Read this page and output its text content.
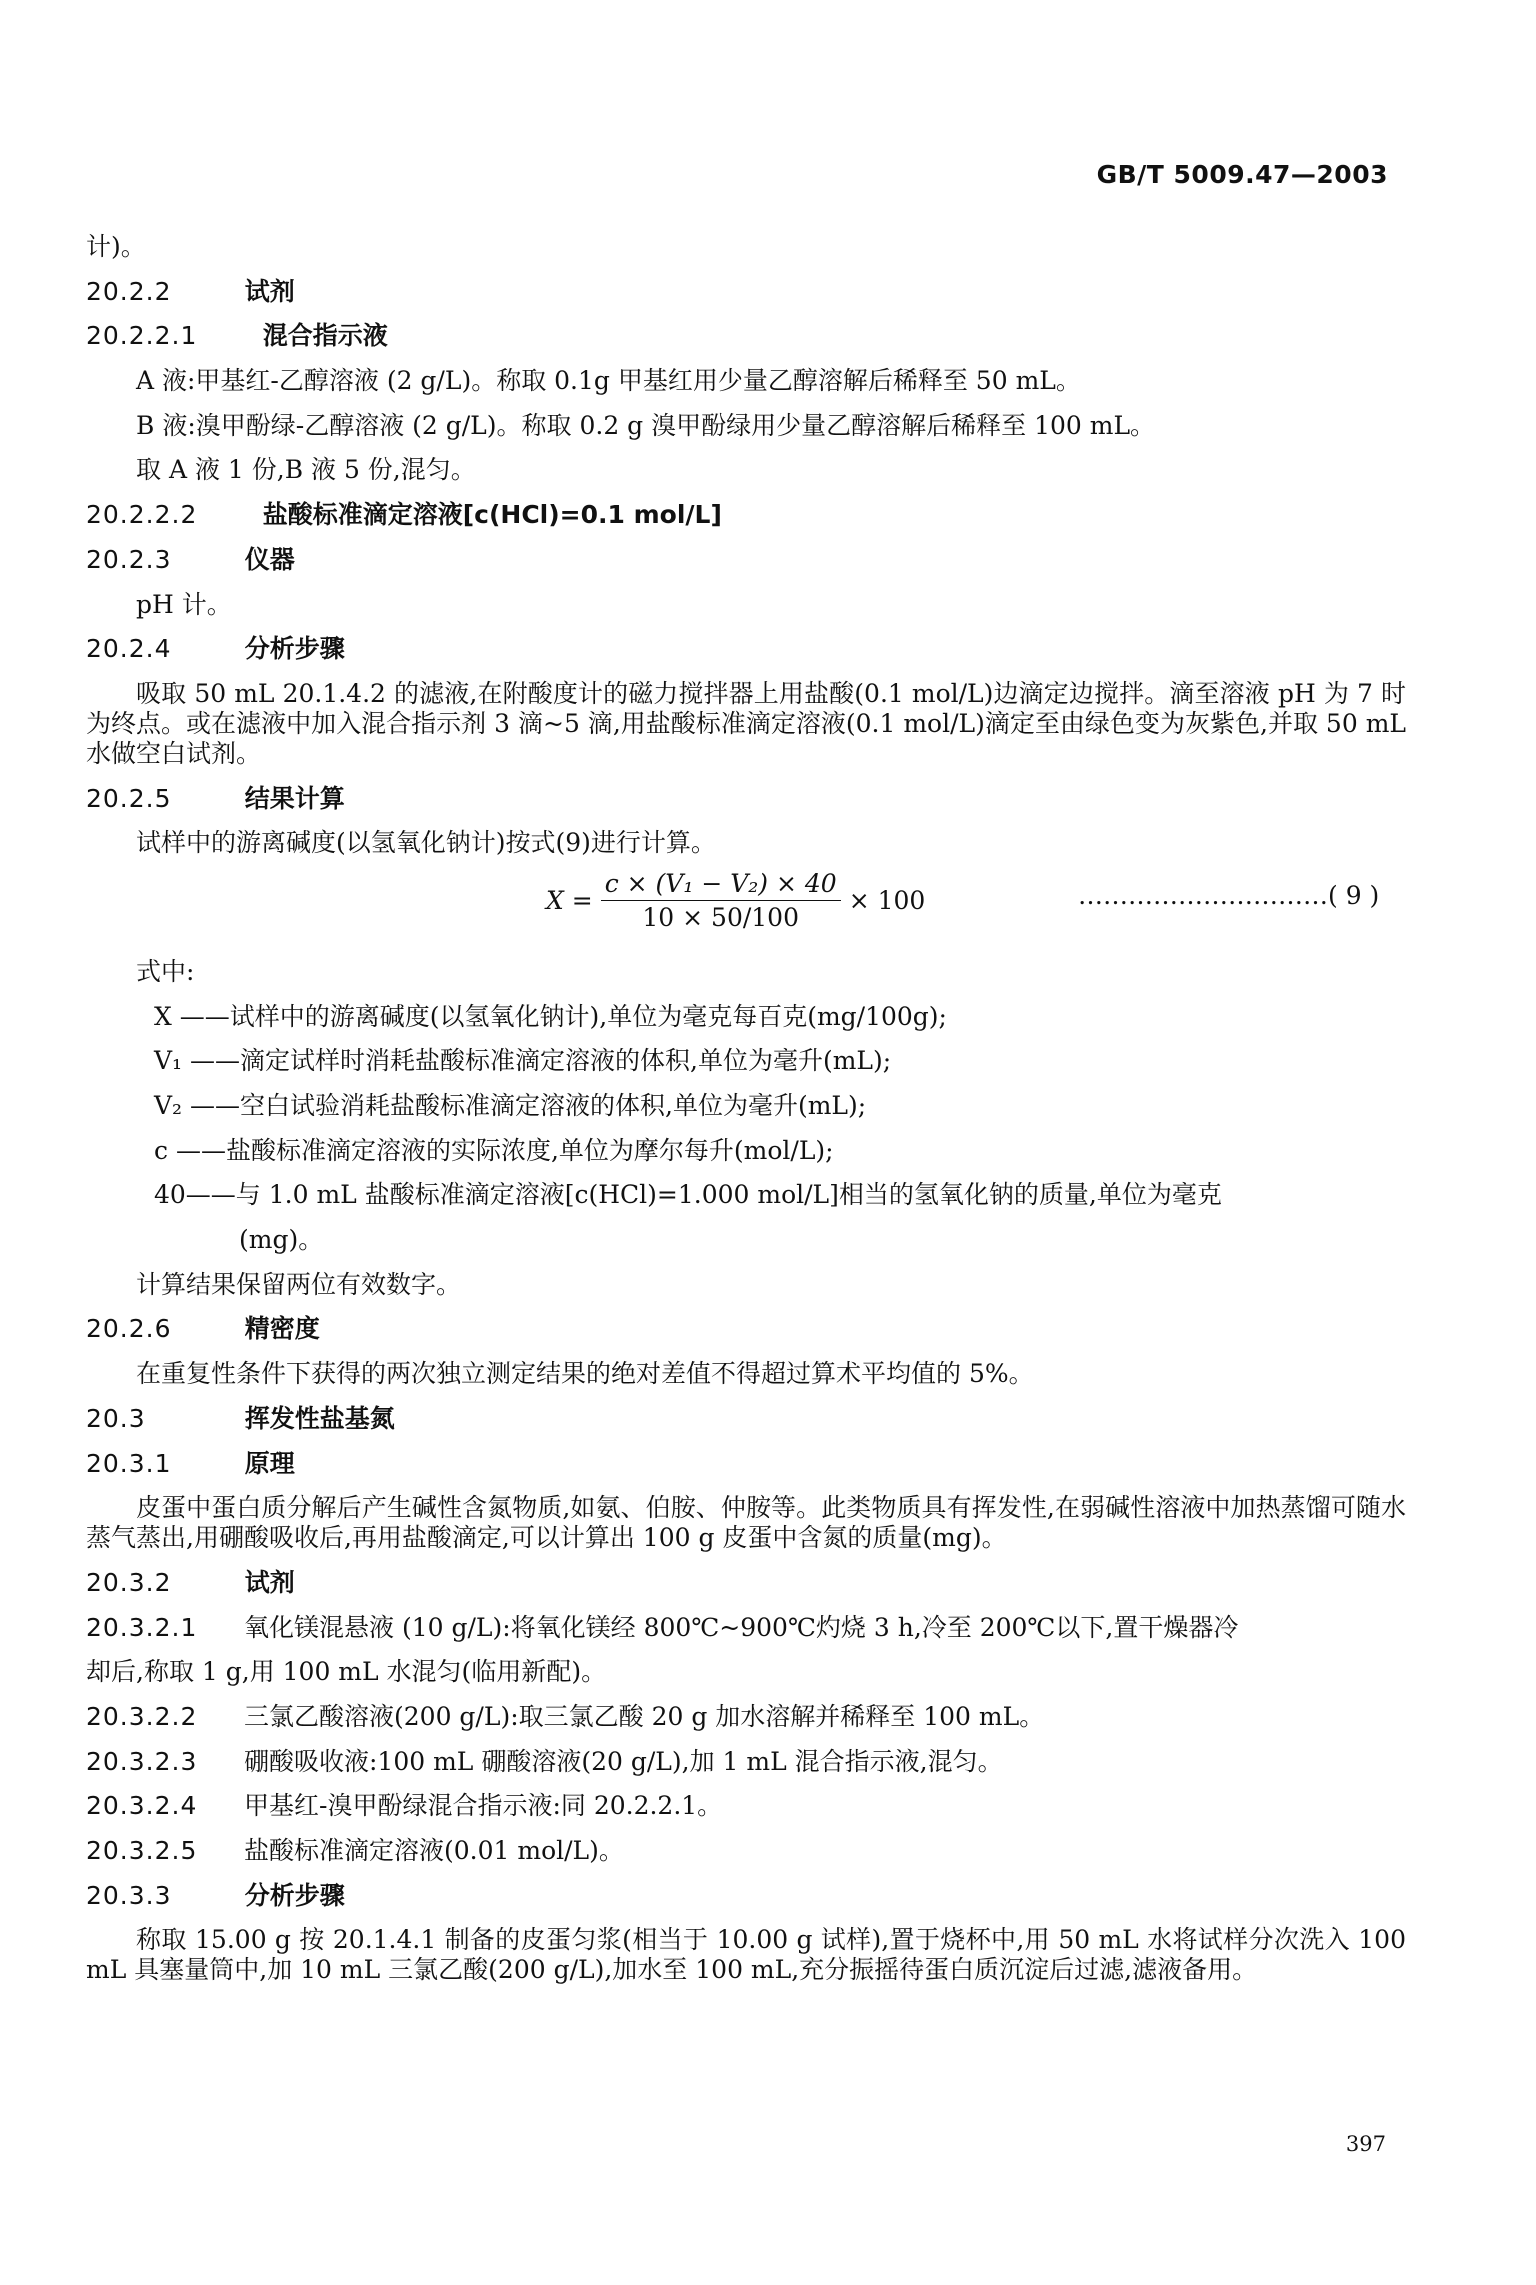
GB/T 5009.47—2003
计)。
20.2.2	试剂
20.2.2.1	混合指示液
A 液:甲基红-乙醇溶液 (2 g/L)。称取 0.1g 甲基红用少量乙醇溶解后稀释至 50 mL。
B 液:溴甲酚绿-乙醇溶液 (2 g/L)。称取 0.2 g 溴甲酚绿用少量乙醇溶解后稀释至 100 mL。
取 A 液 1 份,B 液 5 份,混匀。
20.2.2.2	盐酸标准滴定溶液[c(HCl)=0.1 mol/L]
20.2.3	仪器
pH 计。
20.2.4	分析步骤
吸取 50 mL 20.1.4.2 的滤液,在附酸度计的磁力搅拌器上用盐酸(0.1 mol/L)边滴定边搅拌。滴至溶液 pH 为 7 时为终点。或在滤液中加入混合指示剂 3 滴~5 滴,用盐酸标准滴定溶液(0.1 mol/L)滴定至由绿色变为灰紫色,并取 50 mL 水做空白试剂。
20.2.5	结果计算
试样中的游离碱度(以氢氧化钠计)按式(9)进行计算。
$X = \frac{\text{c × (V₁ − V₂) × 40}}{10 \times 50/100} \times 100$	…………………………( 9 )
式中:
X ——试样中的游离碱度(以氢氧化钠计),单位为毫克每百克(mg/100g);
V₁ ——滴定试样时消耗盐酸标准滴定溶液的体积,单位为毫升(mL);
V₂ ——空白试验消耗盐酸标准滴定溶液的体积,单位为毫升(mL);
c ——盐酸标准滴定溶液的实际浓度,单位为摩尔每升(mol/L);
40——与 1.0 mL 盐酸标准滴定溶液[c(HCl)=1.000 mol/L]相当的氢氧化钠的质量,单位为毫克
(mg)。
计算结果保留两位有效数字。
20.2.6	精密度
在重复性条件下获得的两次独立测定结果的绝对差值不得超过算术平均值的 5%。
20.3	挥发性盐基氮
20.3.1	原理
皮蛋中蛋白质分解后产生碱性含氮物质,如氨、伯胺、仲胺等。此类物质具有挥发性,在弱碱性溶液中加热蒸馏可随水蒸气蒸出,用硼酸吸收后,再用盐酸滴定,可以计算出 100 g 皮蛋中含氮的质量(mg)。
20.3.2	试剂
20.3.2.1 氧化镁混悬液 (10 g/L):将氧化镁经 800℃~900℃灼烧 3 h,冷至 200℃以下,置干燥器冷
却后,称取 1 g,用 100 mL 水混匀(临用新配)。
20.3.2.2 三氯乙酸溶液(200 g/L):取三氯乙酸 20 g 加水溶解并稀释至 100 mL。
20.3.2.3 硼酸吸收液:100 mL 硼酸溶液(20 g/L),加 1 mL 混合指示液,混匀。
20.3.2.4 甲基红-溴甲酚绿混合指示液:同 20.2.2.1。
20.3.2.5 盐酸标准滴定溶液(0.01 mol/L)。
20.3.3	分析步骤
称取 15.00 g 按 20.1.4.1 制备的皮蛋匀浆(相当于 10.00 g 试样),置于烧杯中,用 50 mL 水将试样分次洗入 100 mL 具塞量筒中,加 10 mL 三氯乙酸(200 g/L),加水至 100 mL,充分振摇待蛋白质沉淀后过滤,滤液备用。
397
